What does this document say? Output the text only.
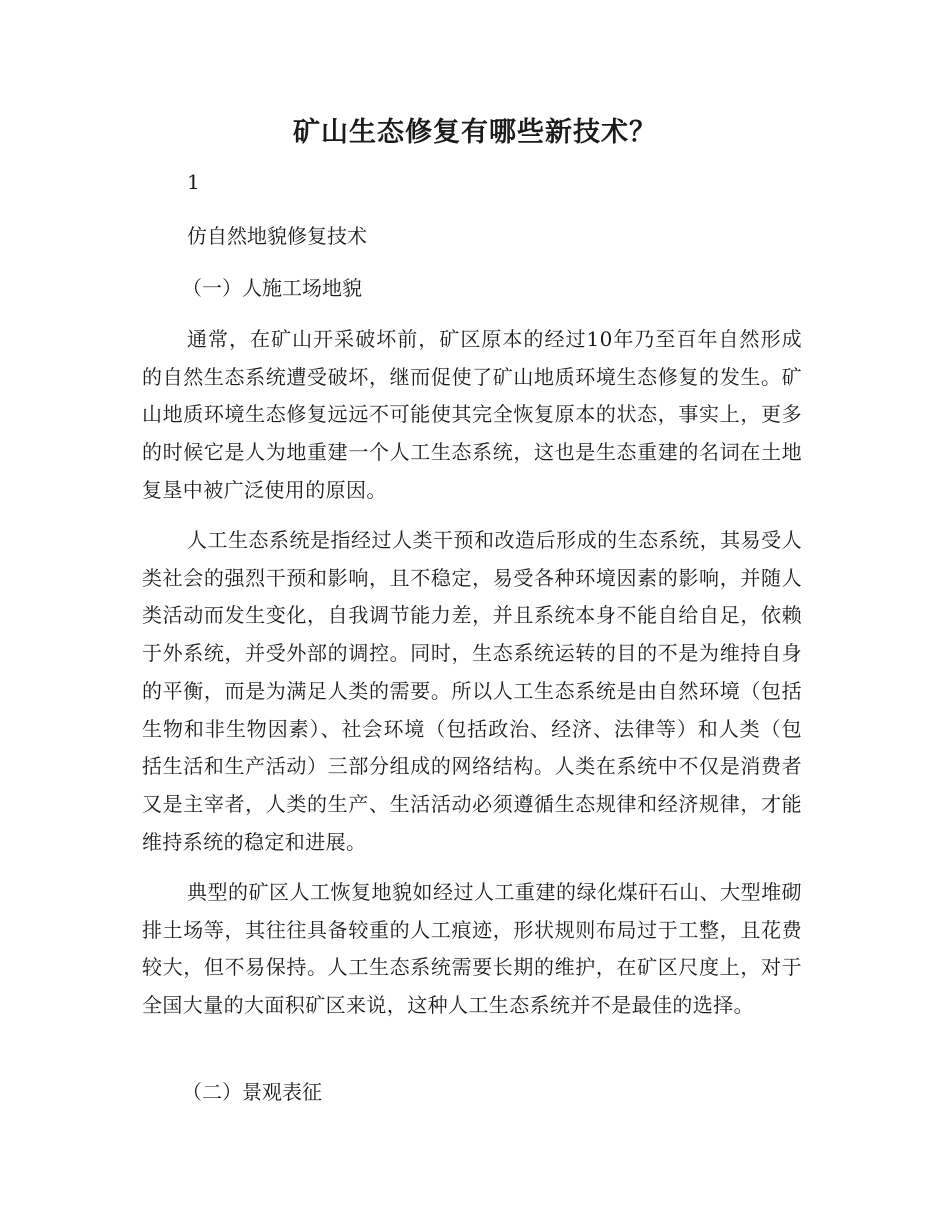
矿山生态修复有哪些新技术？
1
仿自然地貌修复技术
（一）人施工场地貌

通常，在矿山开采破坏前，矿区原本的经过10年乃至百年自然形成的自然生态系统遭受破坏，继而促使了矿山地质环境生态修复的发生。矿山地质环境生态修复远远不可能使其完全恢复原本的状态，事实上，更多的时候它是人为地重建一个人工生态系统，这也是生态重建的名词在土地复垦中被广泛使用的原因。

人工生态系统是指经过人类干预和改造后形成的生态系统，其易受人类社会的强烈干预和影响，且不稳定，易受各种环境因素的影响，并随人类活动而发生变化，自我调节能力差，并且系统本身不能自给自足，依赖于外系统，并受外部的调控。同时，生态系统运转的目的不是为维持自身的平衡，而是为满足人类的需要。所以人工生态系统是由自然环境（包括生物和非生物因素）、社会环境（包括政治、经济、法律等）和人类（包括生活和生产活动）三部分组成的网络结构。人类在系统中不仅是消费者又是主宰者，人类的生产、生活活动必须遵循生态规律和经济规律，才能维持系统的稳定和进展。

典型的矿区人工恢复地貌如经过人工重建的绿化煤矸石山、大型堆砌排土场等，其往往具备较重的人工痕迹，形状规则布局过于工整，且花费较大，但不易保持。人工生态系统需要长期的维护，在矿区尺度上，对于全国大量的大面积矿区来说，这种人工生态系统并不是最佳的选择。

（二）景观表征
